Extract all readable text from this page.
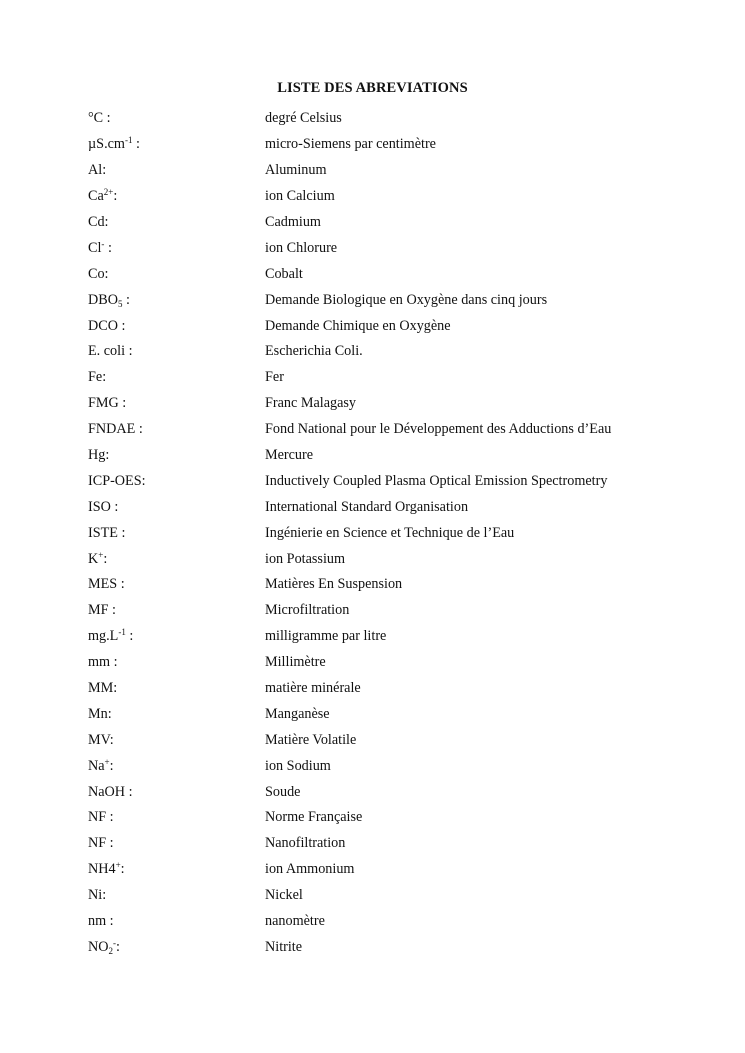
LISTE DES ABREVIATIONS
°C :	degré Celsius
$\mu S.cm^{-1}$ :	micro-Siemens par centimètre
Al:	Aluminum
$Ca^{2+}$:	ion Calcium
Cd:	Cadmium
Cl- :	ion Chlorure
Co:	Cobalt
$DBO_5$ :	Demande Biologique en Oxygène dans cinq jours
DCO :	Demande Chimique en Oxygène
E. coli :	Escherichia Coli.
Fe:	Fer
FMG :	Franc Malagasy
FNDAE :	Fond National pour le Développement des Adductions d’Eau
Hg:	Mercure
ICP-OES:	Inductively Coupled Plasma Optical Emission Spectrometry
ISO :	International Standard Organisation
ISTE :	Ingénierie en Science et Technique de l’Eau
K+:	ion Potassium
MES :	Matières En Suspension
MF :	Microfiltration
$mg.L^{-1}$ :	milligramme par litre
mm :	Millimètre
MM:	matière minérale
Mn:	Manganèse
MV:	Matière Volatile
Na+:	ion Sodium
NaOH :	Soude
NF :	Norme Française
NF :	Nanofiltration
NH4+:	ion Ammonium
Ni:	Nickel
nm :	nanomètre
$NO_2^-$:	Nitrite
